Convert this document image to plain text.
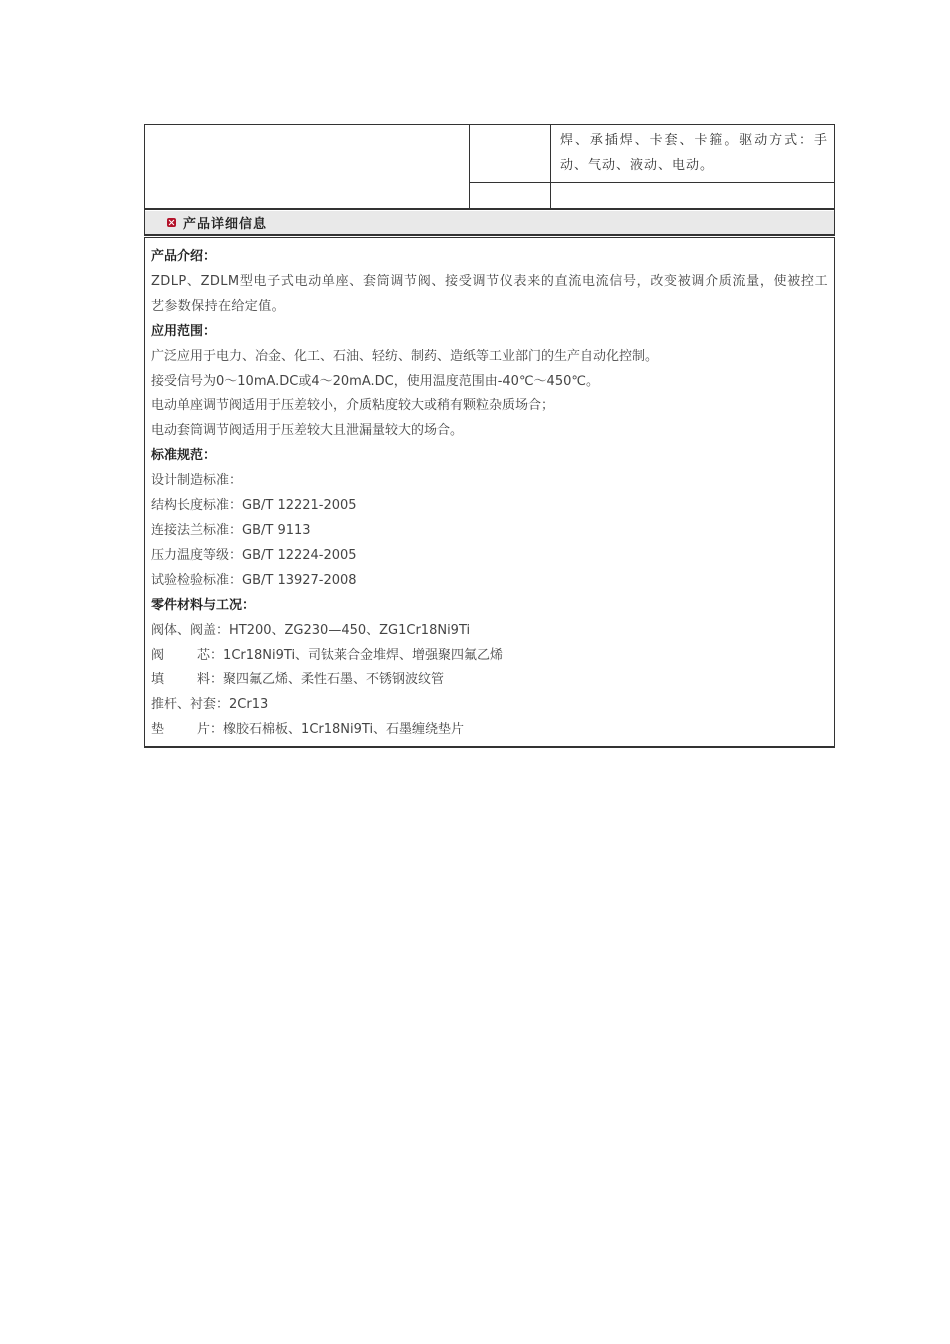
		焊、承插焊、卡套、卡箍。驱动方式：手动、气动、液动、电动。

产品详细信息

产品介绍：

ZDLP、ZDLM型电子式电动单座、套筒调节阀、接受调节仪表来的直流电流信号，改变被调介质流量，使被控工艺参数保持在给定值。

应用范围：

广泛应用于电力、冶金、化工、石油、轻纺、制药、造纸等工业部门的生产自动化控制。

接受信号为0～10mA.DC或4～20mA.DC，使用温度范围由-40℃～450℃。

电动单座调节阀适用于压差较小，介质粘度较大或稍有颗粒杂质场合；

电动套筒调节阀适用于压差较大且泄漏量较大的场合。

标准规范：

设计制造标准：

结构长度标准：GB/T 12221-2005

连接法兰标准：GB/T 9113

压力温度等级：GB/T 12224-2005

试验检验标准：GB/T 13927-2008

零件材料与工况：

阀体、阀盖：HT200、ZG230—450、ZG1Cr18Ni9Ti

阀        芯：1Cr18Ni9Ti、司钛莱合金堆焊、增强聚四氟乙烯

填        料：聚四氟乙烯、柔性石墨、不锈钢波纹管

推杆、衬套：2Cr13

垫        片：橡胶石棉板、1Cr18Ni9Ti、石墨缠绕垫片
